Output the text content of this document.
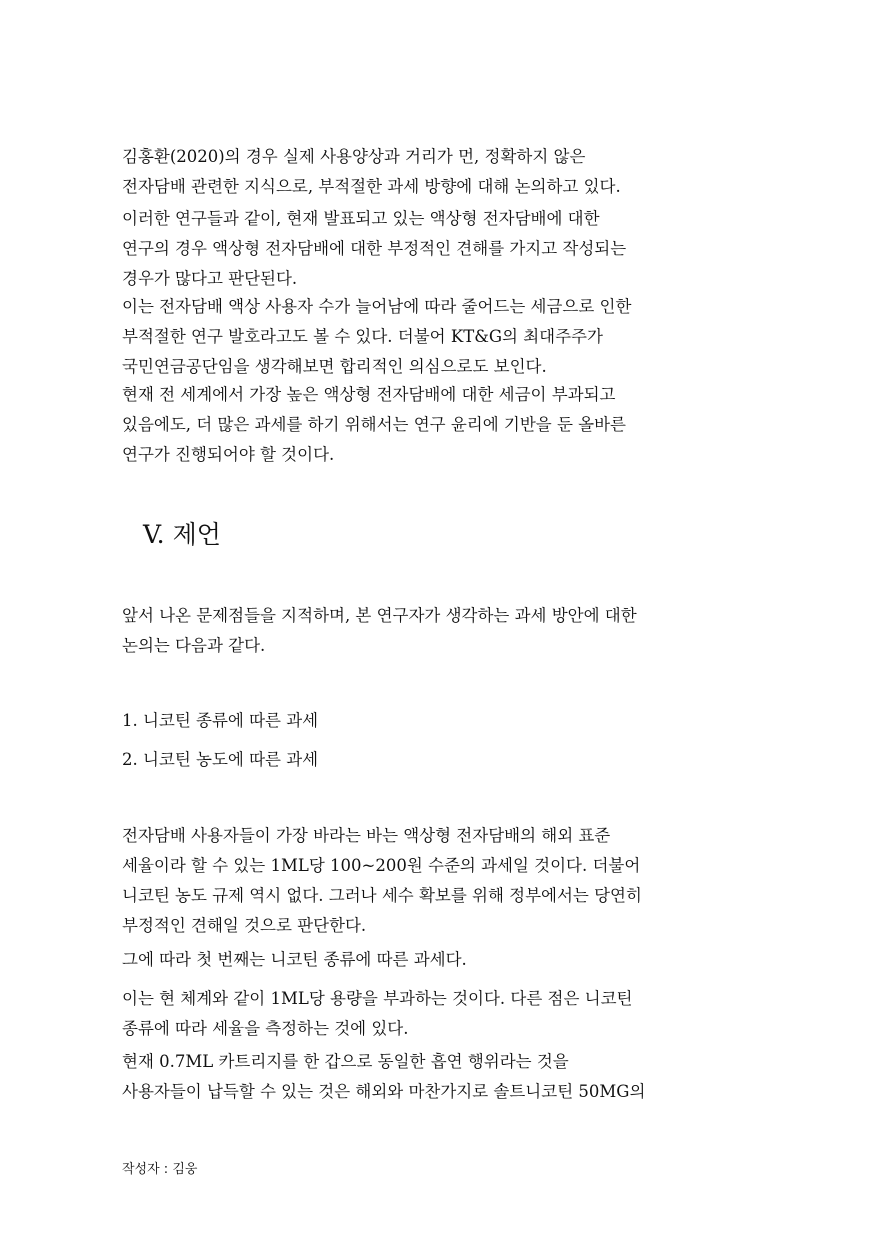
김홍환(2020)의 경우 실제 사용양상과 거리가 먼, 정확하지 않은
전자담배 관련한 지식으로, 부적절한 과세 방향에 대해 논의하고 있다.

이러한 연구들과 같이, 현재 발표되고 있는 액상형 전자담배에 대한
연구의 경우 액상형 전자담배에 대한 부정적인 견해를 가지고 작성되는
경우가 많다고 판단된다.

이는 전자담배 액상 사용자 수가 늘어남에 따라 줄어드는 세금으로 인한
부적절한 연구 발호라고도 볼 수 있다. 더불어 KT&G의 최대주주가
국민연금공단임을 생각해보면 합리적인 의심으로도 보인다.

현재 전 세계에서 가장 높은 액상형 전자담배에 대한 세금이 부과되고
있음에도, 더 많은 과세를 하기 위해서는 연구 윤리에 기반을 둔 올바른
연구가 진행되어야 할 것이다.

V. 제언

앞서 나온 문제점들을 지적하며, 본 연구자가 생각하는 과세 방안에 대한
논의는 다음과 같다.

1. 니코틴 종류에 따른 과세
2. 니코틴 농도에 따른 과세

전자담배 사용자들이 가장 바라는 바는 액상형 전자담배의 해외 표준
세율이라 할 수 있는 1ML당 100~200원 수준의 과세일 것이다. 더불어
니코틴 농도 규제 역시 없다. 그러나 세수 확보를 위해 정부에서는 당연히
부정적인 견해일 것으로 판단한다.

그에 따라 첫 번째는 니코틴 종류에 따른 과세다.

이는 현 체계와 같이 1ML당 용량을 부과하는 것이다. 다른 점은 니코틴
종류에 따라 세율을 측정하는 것에 있다.

현재 0.7ML 카트리지를 한 갑으로 동일한 흡연 행위라는 것을
사용자들이 납득할 수 있는 것은 해외와 마찬가지로 솔트니코틴 50MG의

작성자 : 김웅
